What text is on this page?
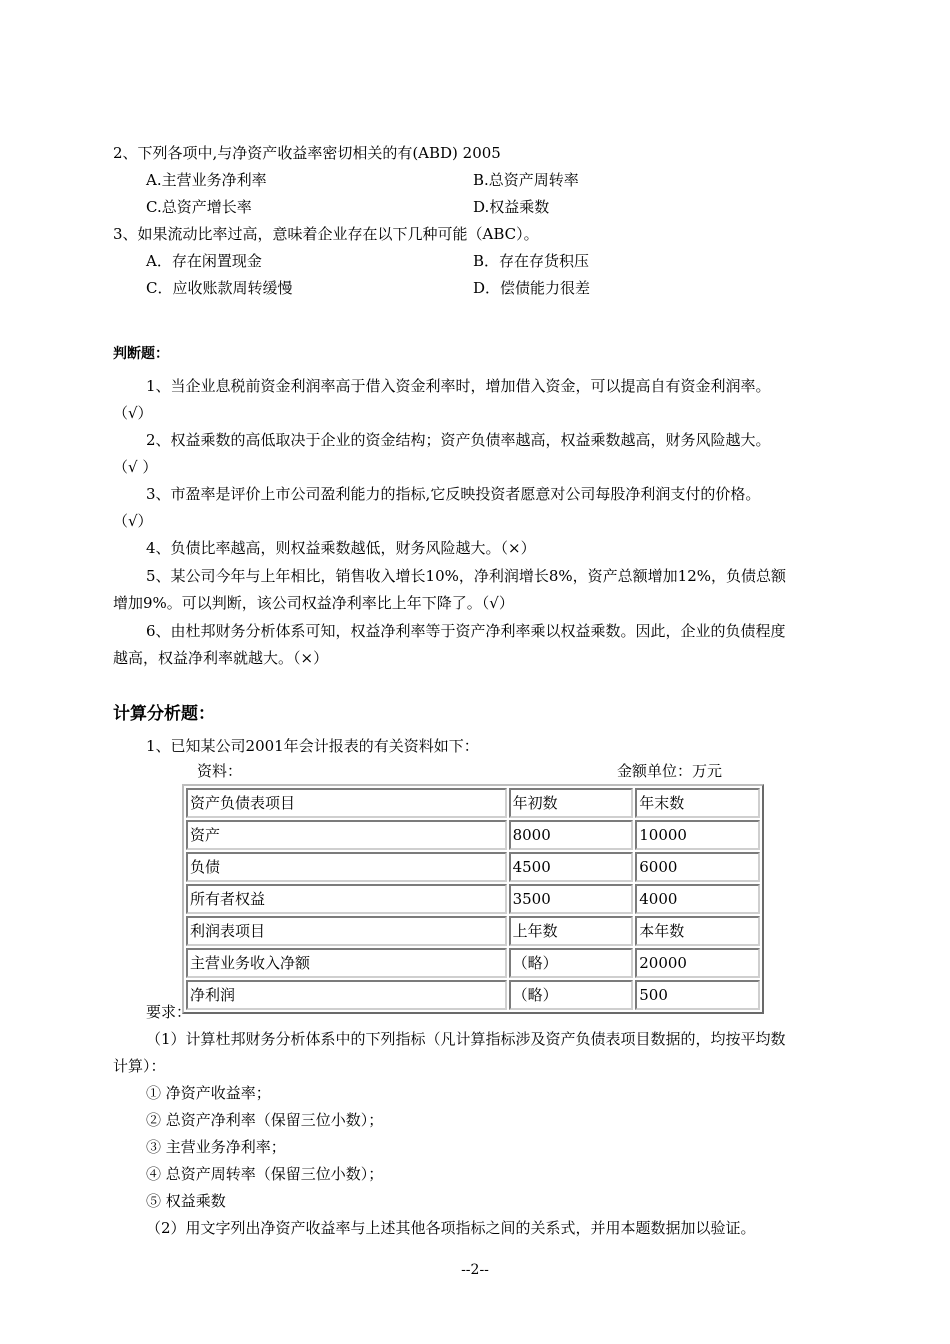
2、下列各项中,与净资产收益率密切相关的有(ABD) 2005
A.主营业务净利率	B.总资产周转率
C.总资产增长率	D.权益乘数
3、如果流动比率过高，意味着企业存在以下几种可能（ABC）。
A．存在闲置现金	B．存在存货积压
C．应收账款周转缓慢	D．偿债能力很差
判断题：
1、当企业息税前资金利润率高于借入资金利率时，增加借入资金，可以提高自有资金利润率。
（√）
2、权益乘数的高低取决于企业的资金结构；资产负债率越高，权益乘数越高，财务风险越大。
（√ ）
3、市盈率是评价上市公司盈利能力的指标,它反映投资者愿意对公司每股净利润支付的价格。
（√）
4、负债比率越高，则权益乘数越低，财务风险越大。（×）
5、某公司今年与上年相比，销售收入增长10%，净利润增长8%，资产总额增加12%，负债总额
增加9%。可以判断，该公司权益净利率比上年下降了。（√）
6、由杜邦财务分析体系可知，权益净利率等于资产净利率乘以权益乘数。因此，企业的负债程度
越高，权益净利率就越大。（×）
计算分析题：
1、已知某公司2001年会计报表的有关资料如下：
资料：	金额单位：万元
资产负债表项目	年初数	年末数
资产	8000	10000
负债	4500	6000
所有者权益	3500	4000
利润表项目	上年数	本年数
主营业务收入净额	（略）	20000
净利润	（略）	500
要求：
（1）计算杜邦财务分析体系中的下列指标（凡计算指标涉及资产负债表项目数据的，均按平均数
计算）：
① 净资产收益率；
② 总资产净利率（保留三位小数）；
③ 主营业务净利率；
④ 总资产周转率（保留三位小数）；
⑤ 权益乘数
（2）用文字列出净资产收益率与上述其他各项指标之间的关系式，并用本题数据加以验证。
--2--
